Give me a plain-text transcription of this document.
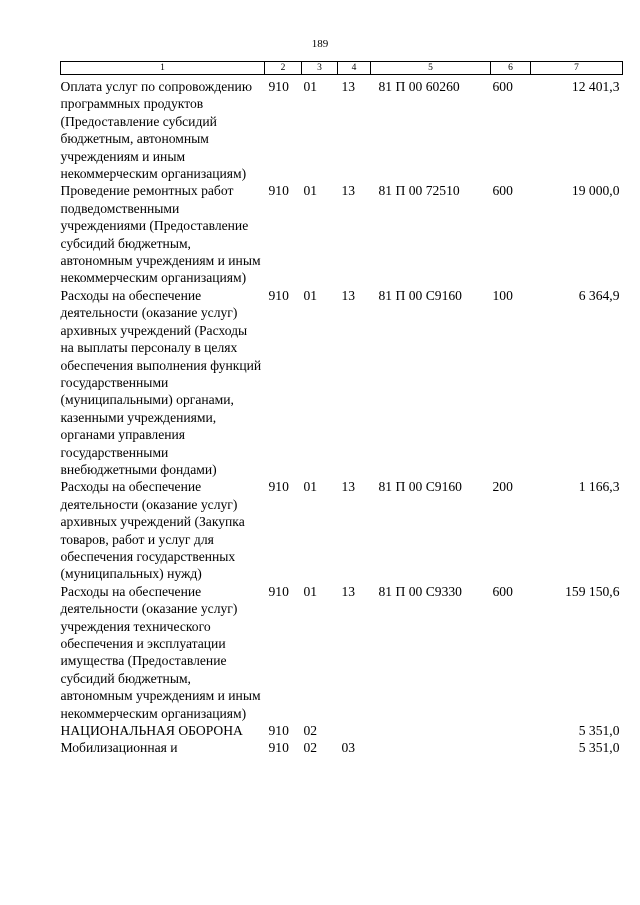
189
1	2	3	4	5	6	7

Оплата услуг по сопровождению программных продуктов (Предоставление субсидий бюджетным, автономным учреждениям и иным некоммерческим организациям)	910	01	13	81 П 00 60260	600	12 401,3
Проведение ремонтных работ подведомственными учреждениями (Предоставление субсидий бюджетным, автономным учреждениям и иным некоммерческим организациям)	910	01	13	81 П 00 72510	600	19 000,0
Расходы на обеспечение деятельности (оказание услуг) архивных учреждений (Расходы на выплаты персоналу в целях обеспечения выполнения функций государственными (муниципальными) органами, казенными учреждениями, органами управления государственными внебюджетными фондами)	910	01	13	81 П 00 С9160	100	6 364,9
Расходы на обеспечение деятельности (оказание услуг) архивных учреждений (Закупка товаров, работ и услуг для обеспечения государственных (муниципальных) нужд)	910	01	13	81 П 00 С9160	200	1 166,3
Расходы на обеспечение деятельности (оказание услуг) учреждения технического обеспечения и эксплуатации имущества (Предоставление субсидий бюджетным, автономным учреждениям и иным некоммерческим организациям)	910	01	13	81 П 00 С9330	600	159 150,6
НАЦИОНАЛЬНАЯ ОБОРОНА	910	02				5 351,0
Мобилизационная и	910	02	03			5 351,0
